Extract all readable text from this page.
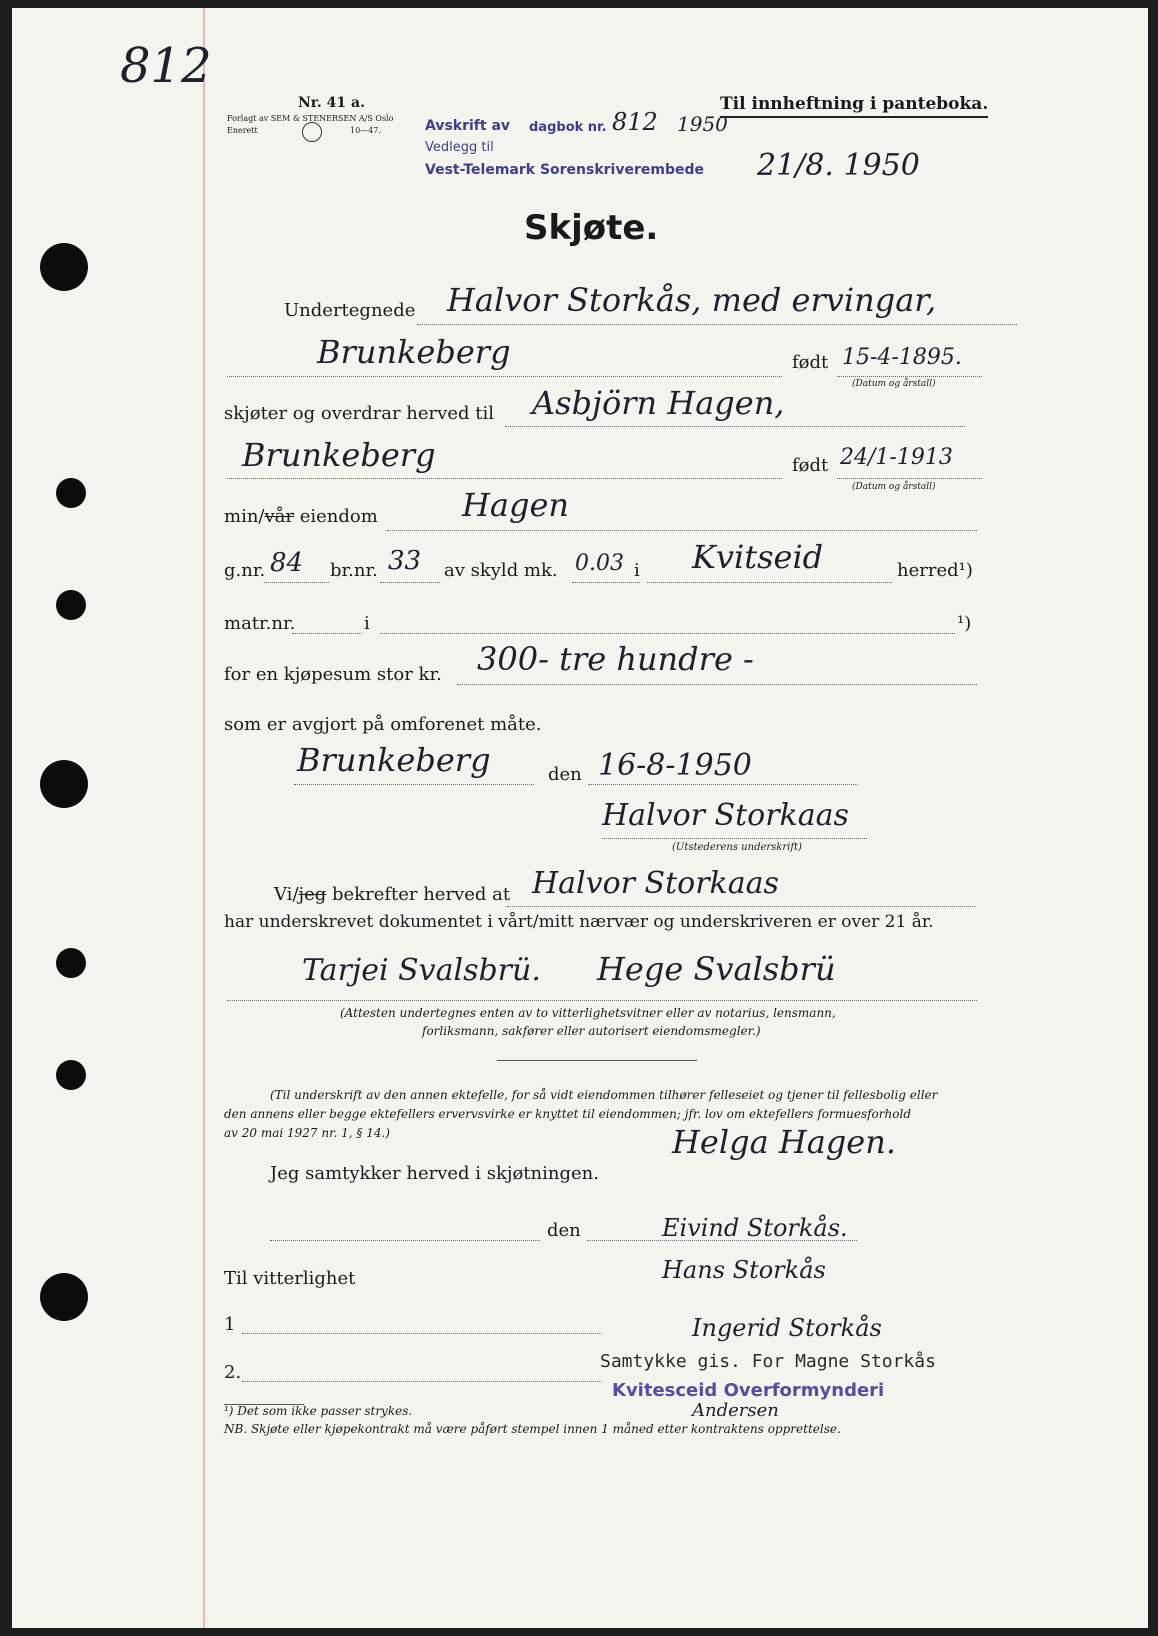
812
Nr. 41 a.
Forlagt av SEM & STENERSEN A/S Oslo
Enerett	10—47.
Til innheftning i panteboka.
Avskrift av dagbok nr. 812 1950
Vedlegg til
Vest-Telemark Sorenskriverembede 21/8. 1950
Skjøte.
Undertegnede Halvor Storkås, med ervingar,
Brunkeberg	født 15-4-1895.
(Datum og årstall)
skjøter og overdrar herved til Asbjörn Hagen,
Brunkeberg	født 24/1-1913
(Datum og årstall)
min/vår eiendom	Hagen
g.nr. 84 br.nr. 33 av skyld mk. 0.03 i Kvitseid	herred¹)
matr.nr.	i	¹)
for en kjøpesum stor kr. 300- tre hundre -
som er avgjort på omforenet måte.
Brunkeberg	den 16-8-1950
Halvor Storkaas
(Utstederens underskrift)
Vi/jeg bekrefter herved at Halvor Storkaas
har underskrevet dokumentet i vårt/mitt nærvær og underskriveren er over 21 år.
Tarjei Svalsbrü. Hege Svalsbrü
(Attesten undertegnes enten av to vitterlighetsvitner eller av notarius, lensmann,
forliksmann, sakfører eller autorisert eiendomsmegler.)
(Til underskrift av den annen ektefelle, for så vidt eiendommen tilhører felleseiet og tjener til fellesbolig eller
den annens eller begge ektefellers ervervsvirke er knyttet til eiendommen; jfr. lov om ektefellers formuesforhold
av 20 mai 1927 nr. 1, § 14.)	Helga Hagen.
Jeg samtykker herved i skjøtningen.
den	Eivind Storkås.
Hans Storkås
Til vitterlighet
1	Ingerid Storkås
2.
Samtykke gis. For Magne Storkås
Kvitesceid Overformynderi
Andersen
¹) Det som ikke passer strykes.
NB. Skjøte eller kjøpekontrakt må være påført stempel innen 1 måned etter kontraktens opprettelse.
